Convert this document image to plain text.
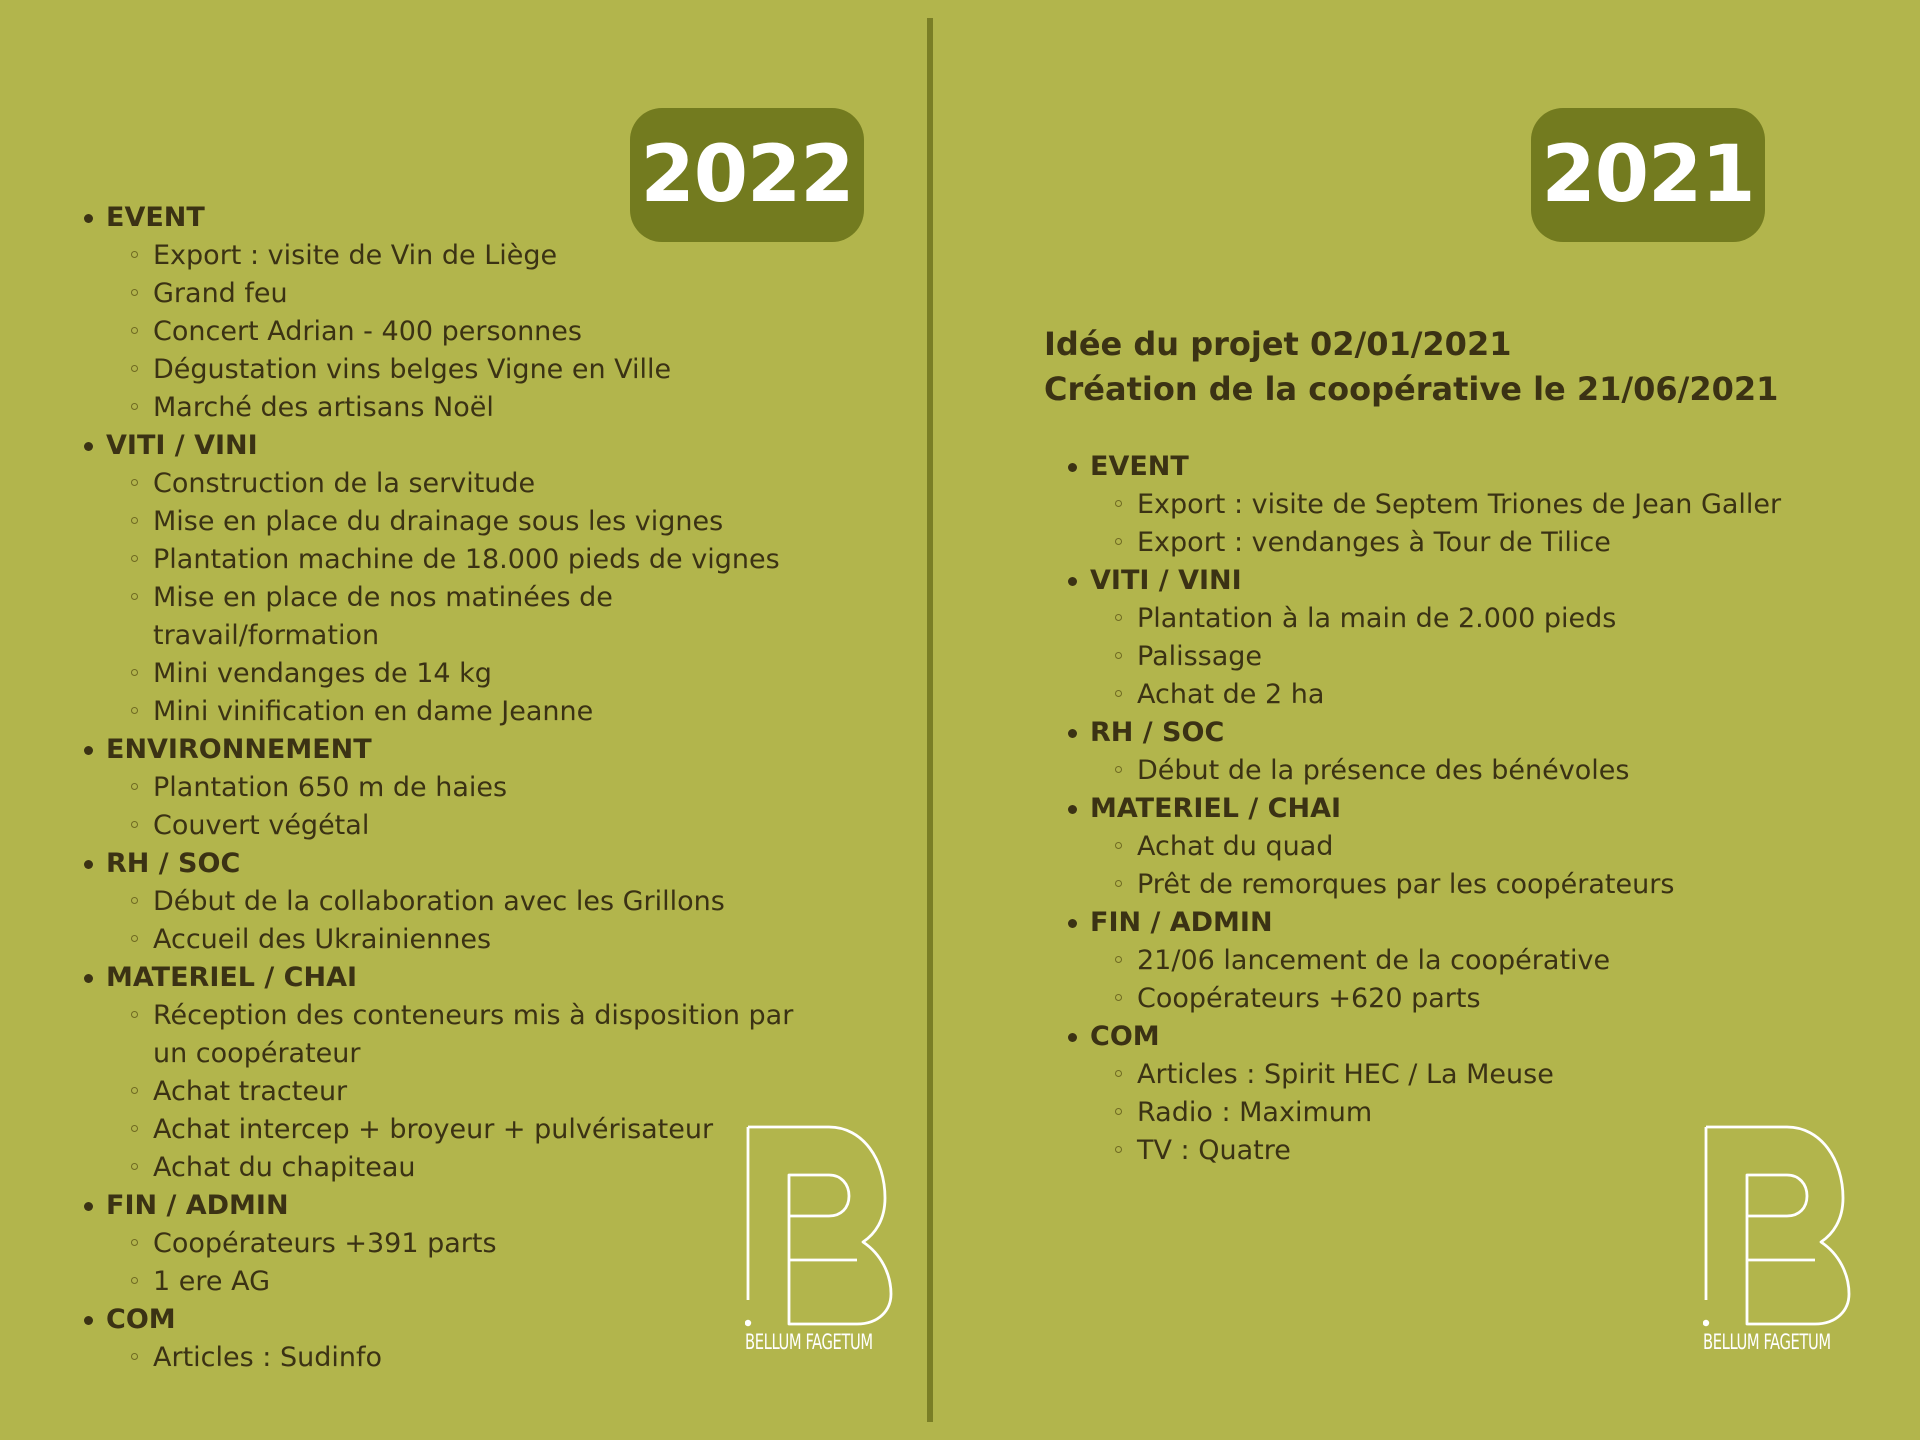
2022	2021
Idée du projet 02/01/2021
Création de la coopérative le 21/06/2021
EVENT
Export : visite de Vin de Liège
Grand feu
Concert Adrian - 400 personnes
Dégustation vins belges Vigne en Ville
Marché des artisans Noël
VITI / VINI
Construction de la servitude
Mise en place du drainage sous les vignes
Plantation machine de 18.000 pieds de vignes
Mise en place de nos matinées de travail/formation
Mini vendanges de 14 kg
Mini vinification en dame Jeanne
ENVIRONNEMENT
Plantation 650 m de haies
Couvert végétal
RH / SOC
Début de la collaboration avec les Grillons
Accueil des Ukrainiennes
MATERIEL / CHAI
Réception des conteneurs mis à disposition par un coopérateur
Achat tracteur
Achat intercep + broyeur + pulvérisateur
Achat du chapiteau
FIN / ADMIN
Coopérateurs +391 parts
1 ere AG
COM
Articles : Sudinfo
EVENT
Export : visite de Septem Triones de Jean Galler
Export : vendanges à Tour de Tilice
VITI / VINI
Plantation à la main de 2.000 pieds
Palissage
Achat de 2 ha
RH / SOC
Début de la présence des bénévoles
MATERIEL / CHAI
Achat du quad
Prêt de remorques par les coopérateurs
FIN / ADMIN
21/06 lancement de la coopérative
Coopérateurs +620 parts
COM
Articles : Spirit HEC / La Meuse
Radio : Maximum
TV : Quatre
BELLUM FAGETUM	BELLUM FAGETUM
